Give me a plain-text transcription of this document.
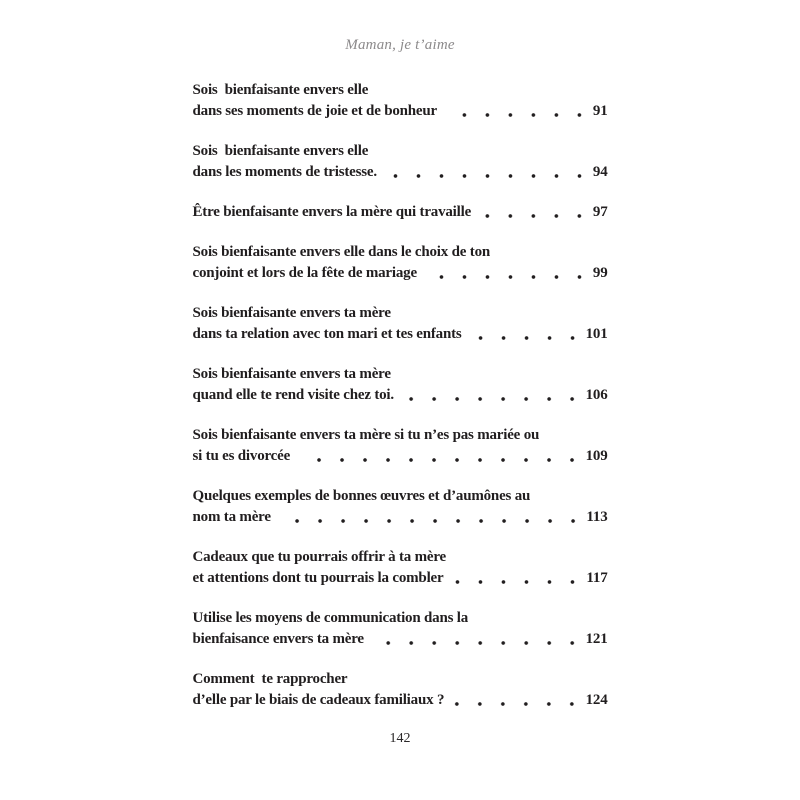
Maman, je t’aime
Sois  bienfaisante envers elle
dans ses moments de joie et de bonheur	91
Sois  bienfaisante envers elle
dans les moments de tristesse.	94
Être bienfaisante envers la mère qui travaille	97
Sois bienfaisante envers elle dans le choix de ton
conjoint et lors de la fête de mariage	99
Sois bienfaisante envers ta mère
dans ta relation avec ton mari et tes enfants	101
Sois bienfaisante envers ta mère
quand elle te rend visite chez toi.	106
Sois bienfaisante envers ta mère si tu n’es pas mariée ou
si tu es divorcée	109
Quelques exemples de bonnes œuvres et d’aumônes au
nom ta mère	113
Cadeaux que tu pourrais offrir à ta mère
et attentions dont tu pourrais la combler	117
Utilise les moyens de communication dans la
bienfaisance envers ta mère	121
Comment  te rapprocher
d’elle par le biais de cadeaux familiaux ?	124
142
